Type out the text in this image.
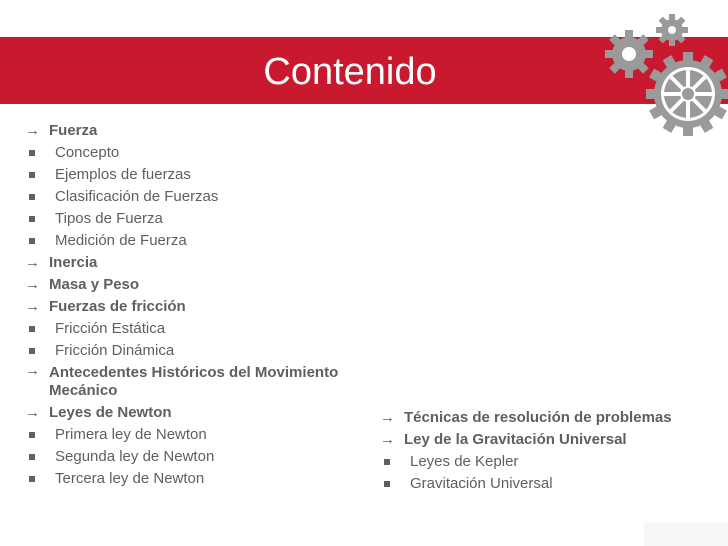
Contenido
→ Fuerza
Concepto
Ejemplos de fuerzas
Clasificación de Fuerzas
Tipos de Fuerza
Medición de Fuerza
→ Inercia
→ Masa y Peso
→ Fuerzas de fricción
Fricción Estática
Fricción Dinámica
→ Antecedentes Históricos del Movimiento Mecánico
→ Leyes de Newton
Primera ley de Newton
Segunda ley de Newton
Tercera ley de Newton
→ Técnicas de resolución de problemas
→ Ley de la Gravitación Universal
Leyes de Kepler
Gravitación Universal
